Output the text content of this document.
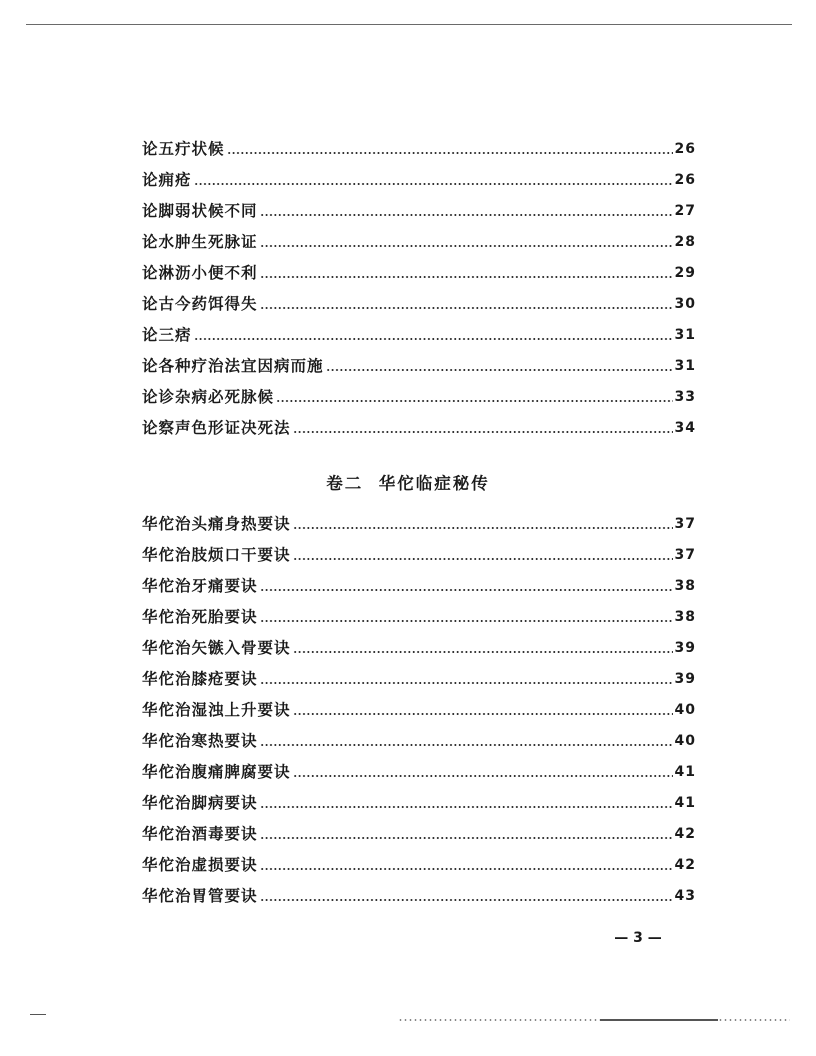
论五疔状候	26
论痈疮	26
论脚弱状候不同	27
论水肿生死脉证	28
论淋沥小便不利	29
论古今药饵得失	30
论三痞	31
论各种疗治法宜因病而施	31
论诊杂病必死脉候	33
论察声色形证决死法	34
卷二  华佗临症秘传
华佗治头痛身热要诀	37
华佗治肢烦口干要诀	37
华佗治牙痛要诀	38
华佗治死胎要诀	38
华佗治矢镞入骨要诀	39
华佗治膝疮要诀	39
华佗治湿浊上升要诀	40
华佗治寒热要诀	40
华佗治腹痛脾腐要诀	41
华佗治脚病要诀	41
华佗治酒毒要诀	42
华佗治虚损要诀	42
华佗治胃管要诀	43
— 3 —
